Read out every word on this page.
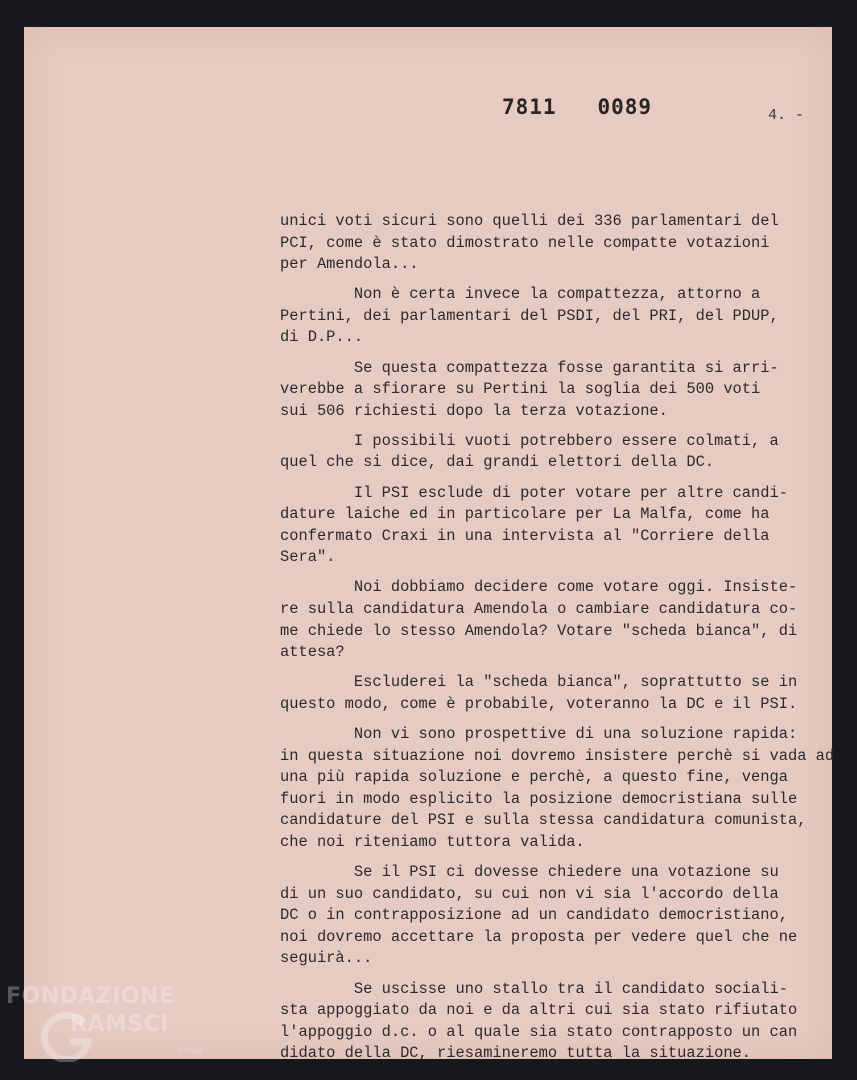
7811   0089	4. -
unici voti sicuri sono quelli dei 336 parlamentari del
PCI, come è stato dimostrato nelle compatte votazioni
per Amendola...
Non è certa invece la compattezza, attorno a
Pertini, dei parlamentari del PSDI, del PRI, del PDUP,
di D.P...
Se questa compattezza fosse garantita si arri-
verebbe a sfiorare su Pertini la soglia dei 500 voti
sui 506 richiesti dopo la terza votazione.
I possibili vuoti potrebbero essere colmati, a
quel che si dice, dai grandi elettori della DC.
Il PSI esclude di poter votare per altre candi-
dature laiche ed in particolare per La Malfa, come ha
confermato Craxi in una intervista al "Corriere della
Sera".
Noi dobbiamo decidere come votare oggi. Insiste-
re sulla candidatura Amendola o cambiare candidatura co-
me chiede lo stesso Amendola? Votare "scheda bianca", di
attesa?
Escluderei la "scheda bianca", soprattutto se in
questo modo, come è probabile, voteranno la DC e il PSI.
Non vi sono prospettive di una soluzione rapida:
in questa situazione noi dovremo insistere perchè si vada ad
una più rapida soluzione e perchè, a questo fine, venga
fuori in modo esplicito la posizione democristiana sulle
candidature del PSI e sulla stessa candidatura comunista,
che noi riteniamo tuttora valida.
Se il PSI ci dovesse chiedere una votazione su
di un suo candidato, su cui non vi sia l'accordo della
DC o in contrapposizione ad un candidato democristiano,
noi dovremo accettare la proposta per vedere quel che ne
seguirà...
Se uscisse uno stallo tra il candidato sociali-
sta appoggiato da noi e da altri cui sia stato rifiutato
l'appoggio d.c. o al quale sia stato contrapposto un can
didato della DC, riesamineremo tutta la situazione.
FONDAZIONE
RAMSCI
onlus
